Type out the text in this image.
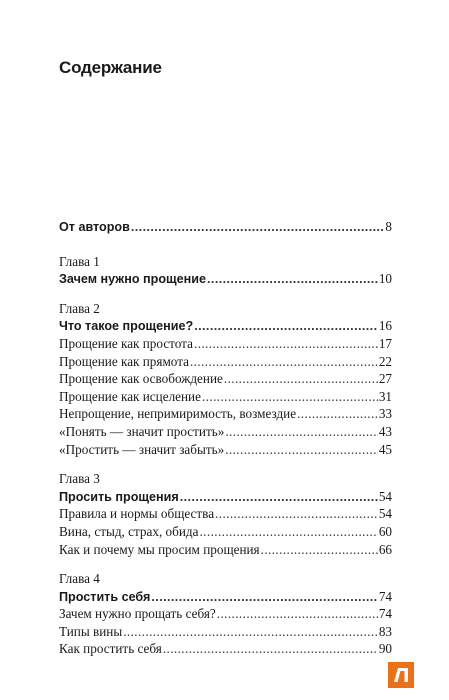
Содержание
От авторов .....	8
Глава 1
Зачем нужно прощение .....	10
Глава 2
Что такое прощение? .....	16
Прощение как простота .....	17
Прощение как прямота .....	22
Прощение как освобождение .....	27
Прощение как исцеление .....	31
Непрощение, непримиримость, возмездие .....	33
«Понять — значит простить» .....	43
«Простить — значит забыть» .....	45
Глава 3
Просить прощения .....	54
Правила и нормы общества .....	54
Вина, стыд, страх, обида .....	60
Как и почему мы просим прощения .....	66
Глава 4
Простить себя .....	74
Зачем нужно прощать себя? .....	74
Типы вины .....	83
Как простить себя .....	90
